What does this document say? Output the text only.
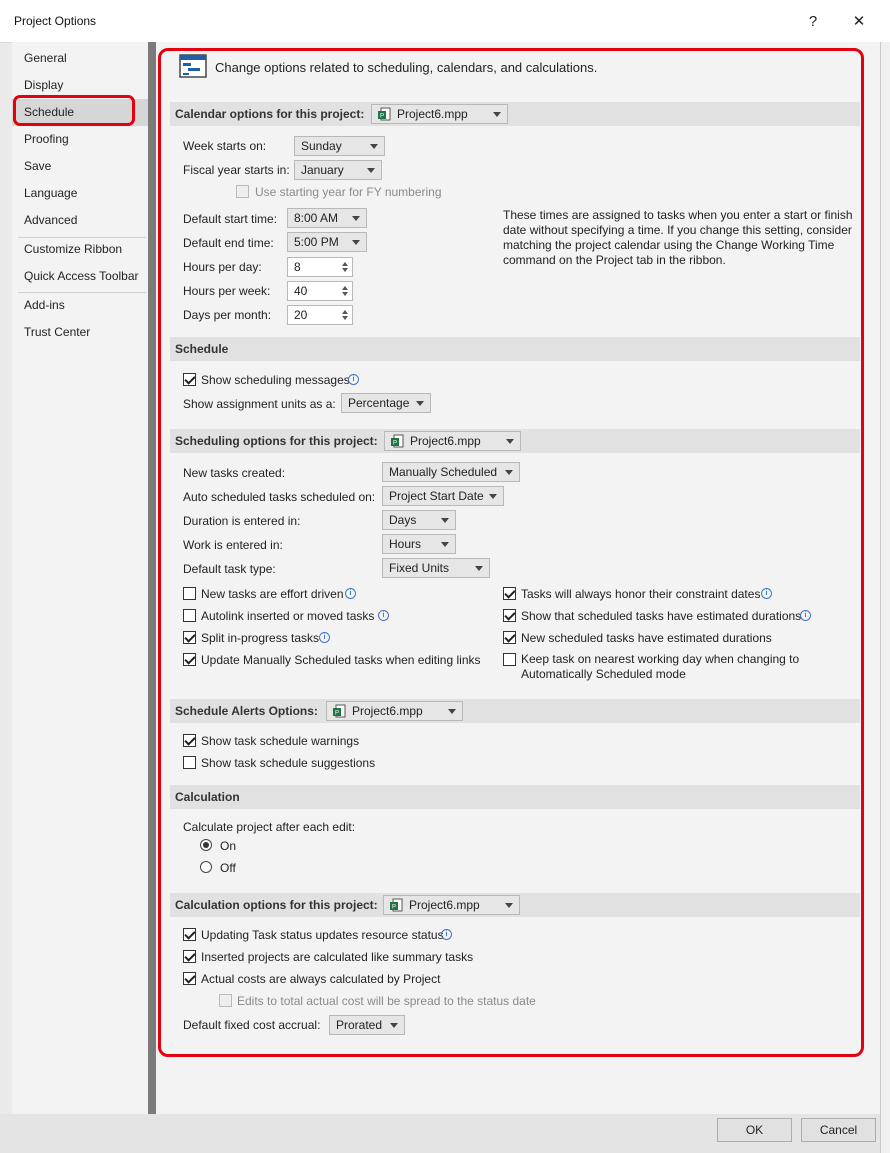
Project Options	?	✕
General
Display
Schedule
Proofing
Save
Language
Advanced
Customize Ribbon
Quick Access Toolbar
Add-ins
Trust Center
Change options related to scheduling, calendars, and calculations.
Calendar options for this project:	P Project6.mpp
Week starts on:	Sunday
Fiscal year starts in: January
Use starting year for FY numbering
Default start time:	8:00 AM
Default end time:	5:00 PM
Hours per day:	8
Hours per week:	40
Days per month:	20
These times are assigned to tasks when you enter a start or finish date without specifying a time. If you change this setting, consider matching the project calendar using the Change Working Time command on the Project tab in the ribbon.
Schedule
Show scheduling messages i
Show assignment units as a:	Percentage
Scheduling options for this project:	P Project6.mpp
New tasks created:	Manually Scheduled
Auto scheduled tasks scheduled on:	Project Start Date
Duration is entered in:	Days
Work is entered in:	Hours
Default task type:	Fixed Units
New tasks are effort driven i
Autolink inserted or moved tasks	i
Split in-progress tasks i
Update Manually Scheduled tasks when editing links
Tasks will always honor their constraint dates i
Show that scheduled tasks have estimated durations i
New scheduled tasks have estimated durations
Keep task on nearest working day when changing to Automatically Scheduled mode
Schedule Alerts Options:	P Project6.mpp
Show task schedule warnings
Show task schedule suggestions
Calculation
Calculate project after each edit:
On
Off
Calculation options for this project:	P Project6.mpp
Updating Task status updates resource status i
Inserted projects are calculated like summary tasks
Actual costs are always calculated by Project
Edits to total actual cost will be spread to the status date
Default fixed cost accrual:	Prorated
OK	Cancel
